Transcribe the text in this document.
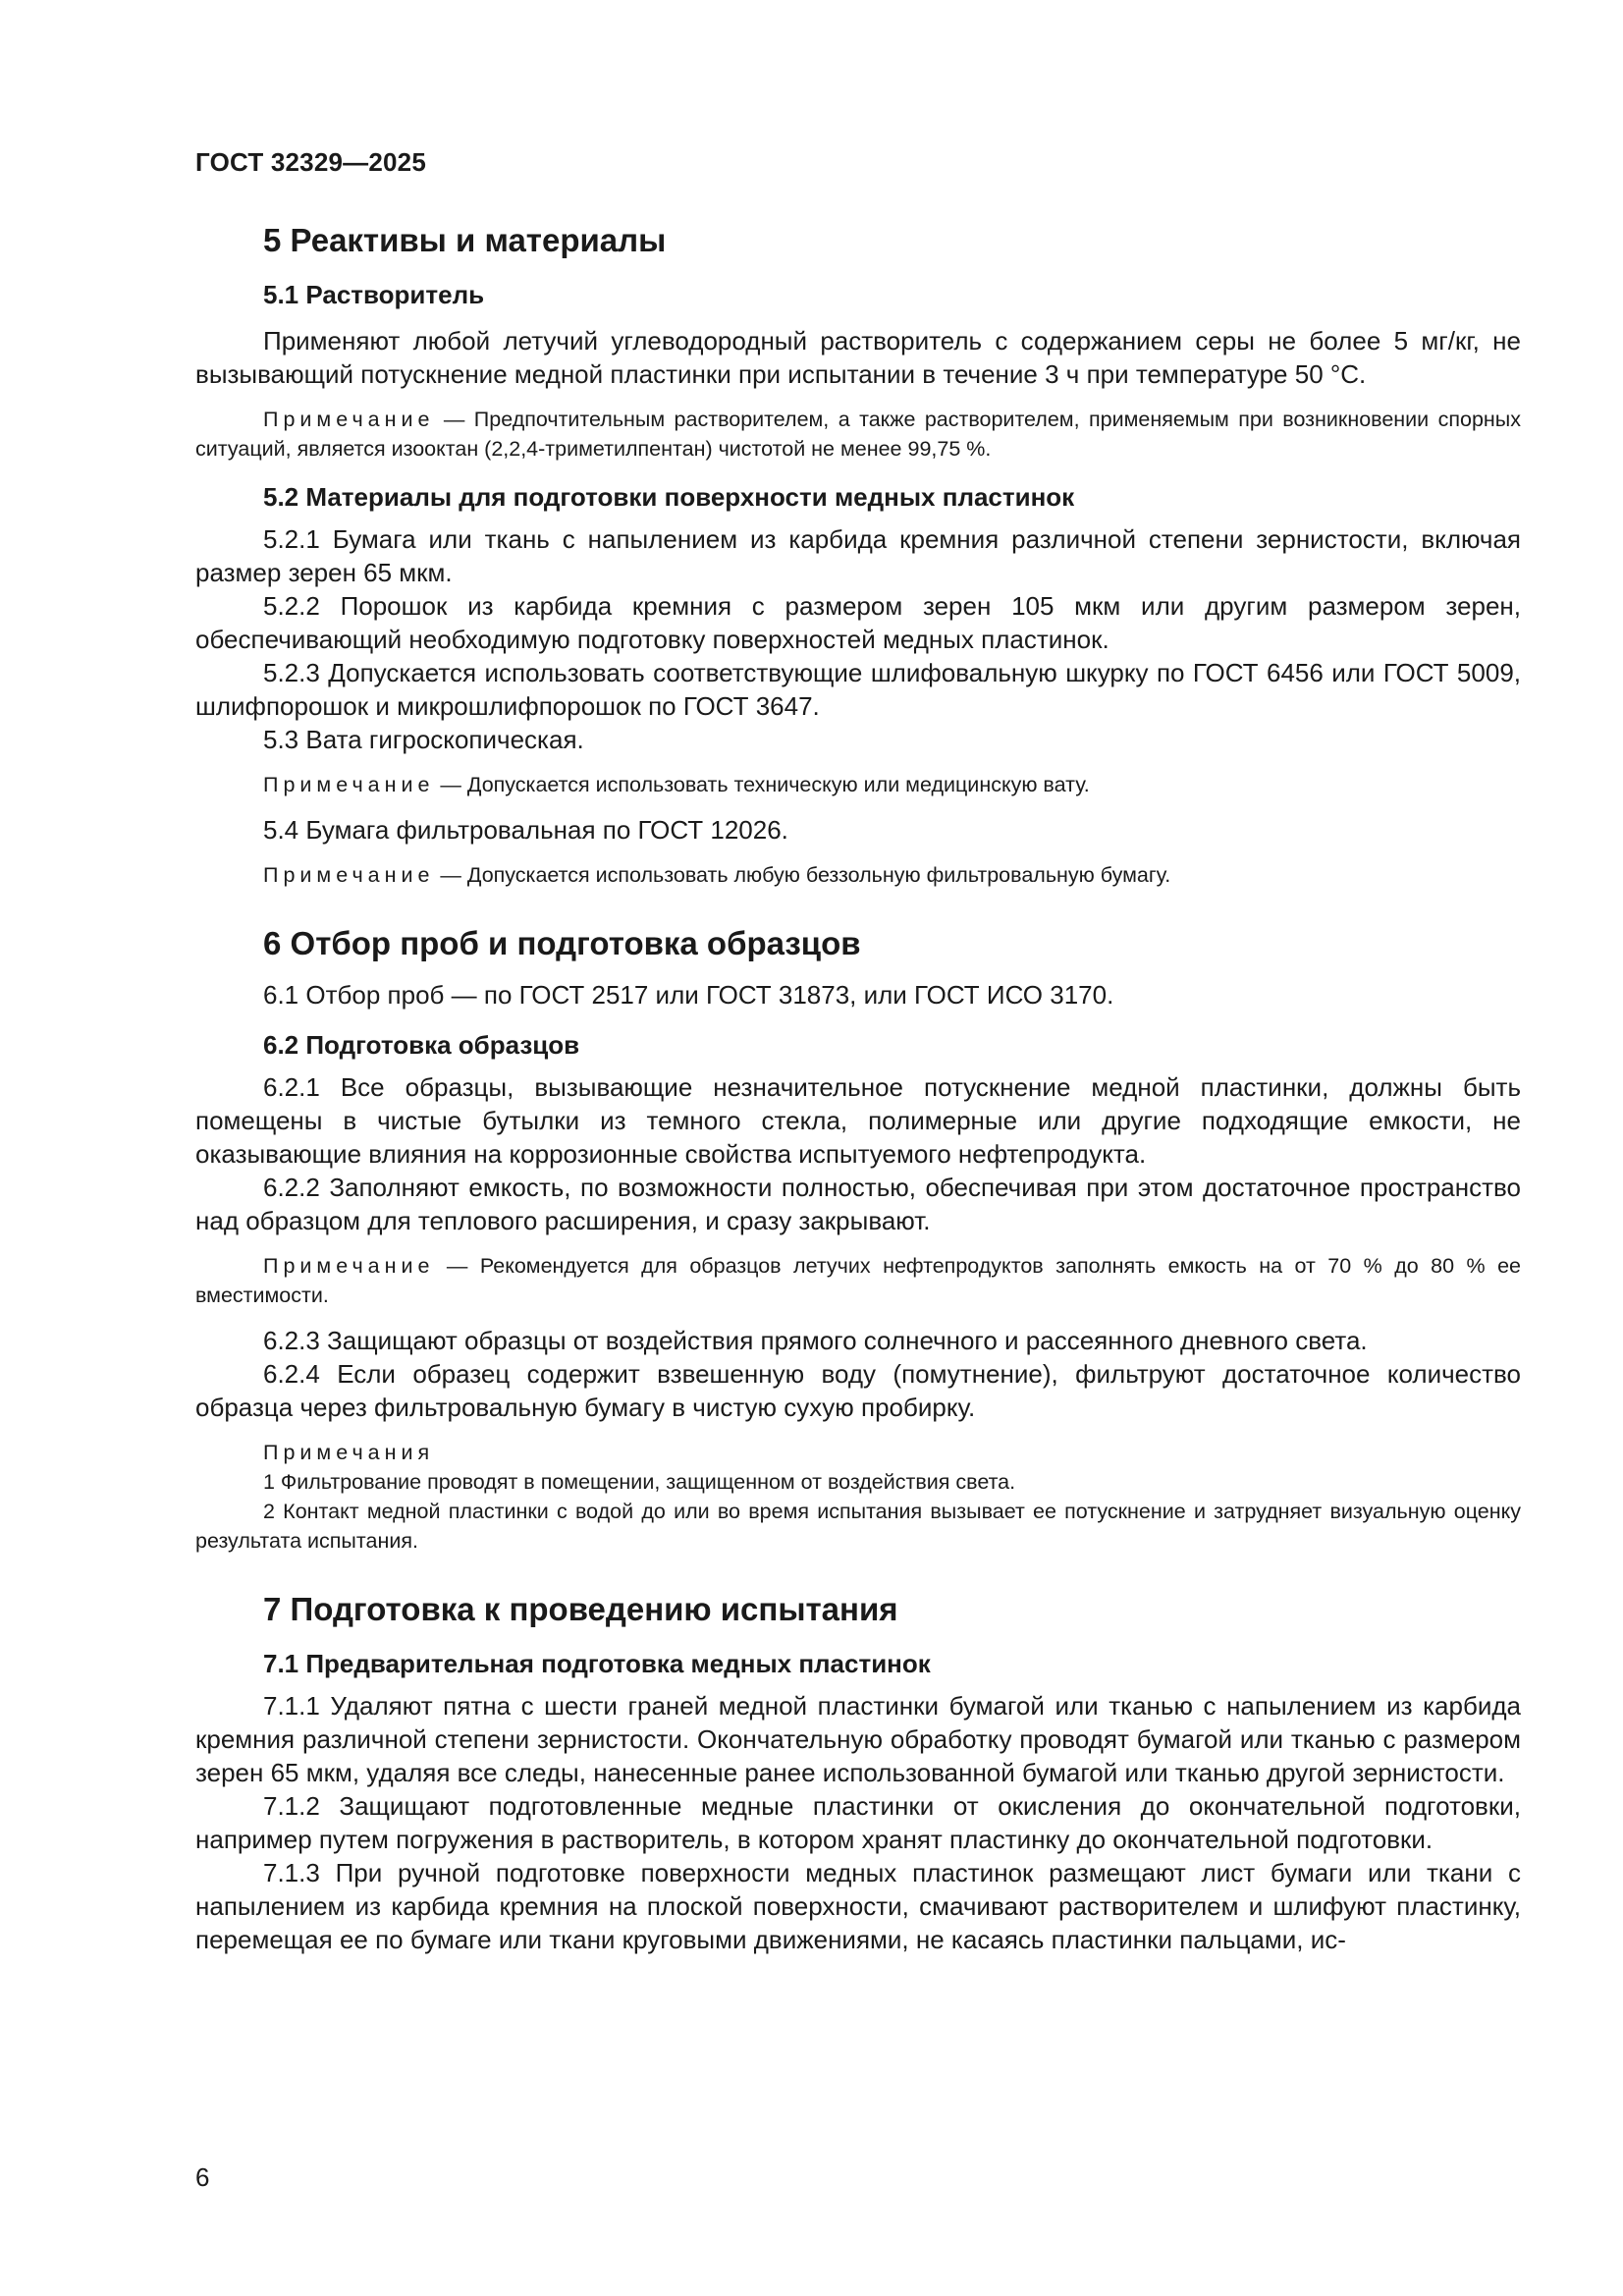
ГОСТ 32329—2025
5 Реактивы и материалы
5.1 Растворитель

Применяют любой летучий углеводородный растворитель с содержанием серы не более 5 мг/кг, не вызывающий потускнение медной пластинки при испытании в течение 3 ч при температуре 50 °С.

Примечание — Предпочтительным растворителем, а также растворителем, применяемым при возникновении спорных ситуаций, является изооктан (2,2,4-триметилпентан) чистотой не менее 99,75 %.

5.2 Материалы для подготовки поверхности медных пластинок

5.2.1 Бумага или ткань с напылением из карбида кремния различной степени зернистости, включая размер зерен 65 мкм.

5.2.2 Порошок из карбида кремния с размером зерен 105 мкм или другим размером зерен, обеспечивающий необходимую подготовку поверхностей медных пластинок.

5.2.3 Допускается использовать соответствующие шлифовальную шкурку по ГОСТ 6456 или ГОСТ 5009, шлифпорошок и микрошлифпорошок по ГОСТ 3647.

5.3 Вата гигроскопическая.

Примечание — Допускается использовать техническую или медицинскую вату.

5.4 Бумага фильтровальная по ГОСТ 12026.

Примечание — Допускается использовать любую беззольную фильтровальную бумагу.

6 Отбор проб и подготовка образцов

6.1 Отбор проб — по ГОСТ 2517 или ГОСТ 31873, или ГОСТ ИСО 3170.

6.2 Подготовка образцов

6.2.1 Все образцы, вызывающие незначительное потускнение медной пластинки, должны быть помещены в чистые бутылки из темного стекла, полимерные или другие подходящие емкости, не оказывающие влияния на коррозионные свойства испытуемого нефтепродукта.

6.2.2 Заполняют емкость, по возможности полностью, обеспечивая при этом достаточное пространство над образцом для теплового расширения, и сразу закрывают.

Примечание — Рекомендуется для образцов летучих нефтепродуктов заполнять емкость на от 70 % до 80 % ее вместимости.

6.2.3 Защищают образцы от воздействия прямого солнечного и рассеянного дневного света.

6.2.4 Если образец содержит взвешенную воду (помутнение), фильтруют достаточное количество образца через фильтровальную бумагу в чистую сухую пробирку.

Примечания
1 Фильтрование проводят в помещении, защищенном от воздействия света.

2 Контакт медной пластинки с водой до или во время испытания вызывает ее потускнение и затрудняет визуальную оценку результата испытания.

7 Подготовка к проведению испытания
7.1 Предварительная подготовка медных пластинок

7.1.1 Удаляют пятна с шести граней медной пластинки бумагой или тканью с напылением из карбида кремния различной степени зернистости. Окончательную обработку проводят бумагой или тканью с размером зерен 65 мкм, удаляя все следы, нанесенные ранее использованной бумагой или тканью другой зернистости.

7.1.2 Защищают подготовленные медные пластинки от окисления до окончательной подготовки, например путем погружения в растворитель, в котором хранят пластинку до окончательной подготовки.

7.1.3 При ручной подготовке поверхности медных пластинок размещают лист бумаги или ткани с напылением из карбида кремния на плоской поверхности, смачивают растворителем и шлифуют пластинку, перемещая ее по бумаге или ткани круговыми движениями, не касаясь пластинки пальцами, ис-

6
